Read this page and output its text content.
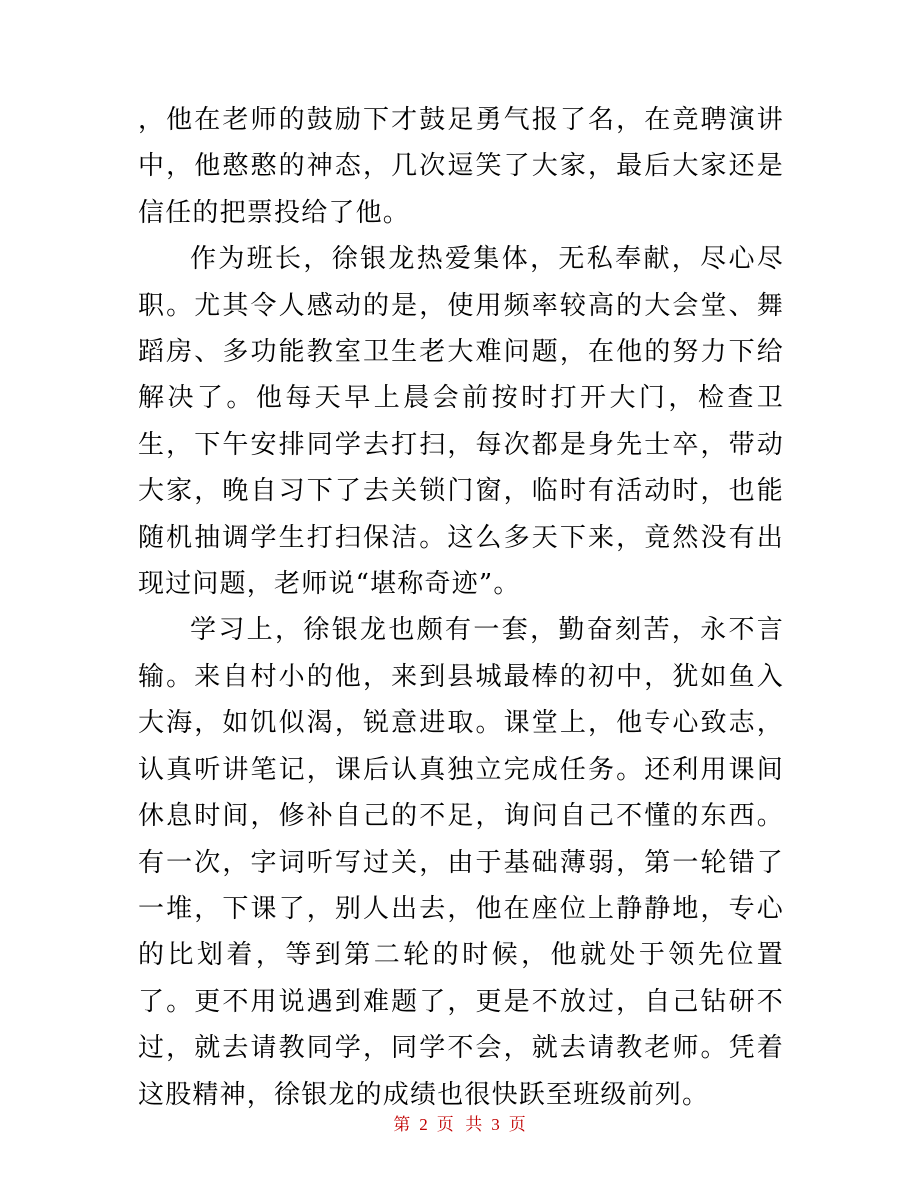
，他在老师的鼓励下才鼓足勇气报了名，在竞聘演讲中，他憨憨的神态，几次逗笑了大家，最后大家还是信任的把票投给了他。

作为班长，徐银龙热爱集体，无私奉献，尽心尽职。尤其令人感动的是，使用频率较高的大会堂、舞蹈房、多功能教室卫生老大难问题，在他的努力下给解决了。他每天早上晨会前按时打开大门，检查卫生，下午安排同学去打扫，每次都是身先士卒，带动大家，晚自习下了去关锁门窗，临时有活动时，也能随机抽调学生打扫保洁。这么多天下来，竟然没有出现过问题，老师说“堪称奇迹”。

学习上，徐银龙也颇有一套，勤奋刻苦，永不言输。来自村小的他，来到县城最棒的初中，犹如鱼入大海，如饥似渴，锐意进取。课堂上，他专心致志，认真听讲笔记，课后认真独立完成任务。还利用课间休息时间，修补自己的不足，询问自己不懂的东西。有一次，字词听写过关，由于基础薄弱，第一轮错了一堆，下课了，别人出去，他在座位上静静地，专心的比划着，等到第二轮的时候，他就处于领先位置了。更不用说遇到难题了，更是不放过，自己钻研不过，就去请教同学，同学不会，就去请教老师。凭着这股精神，徐银龙的成绩也很快跃至班级前列。

第 2 页 共 3 页
